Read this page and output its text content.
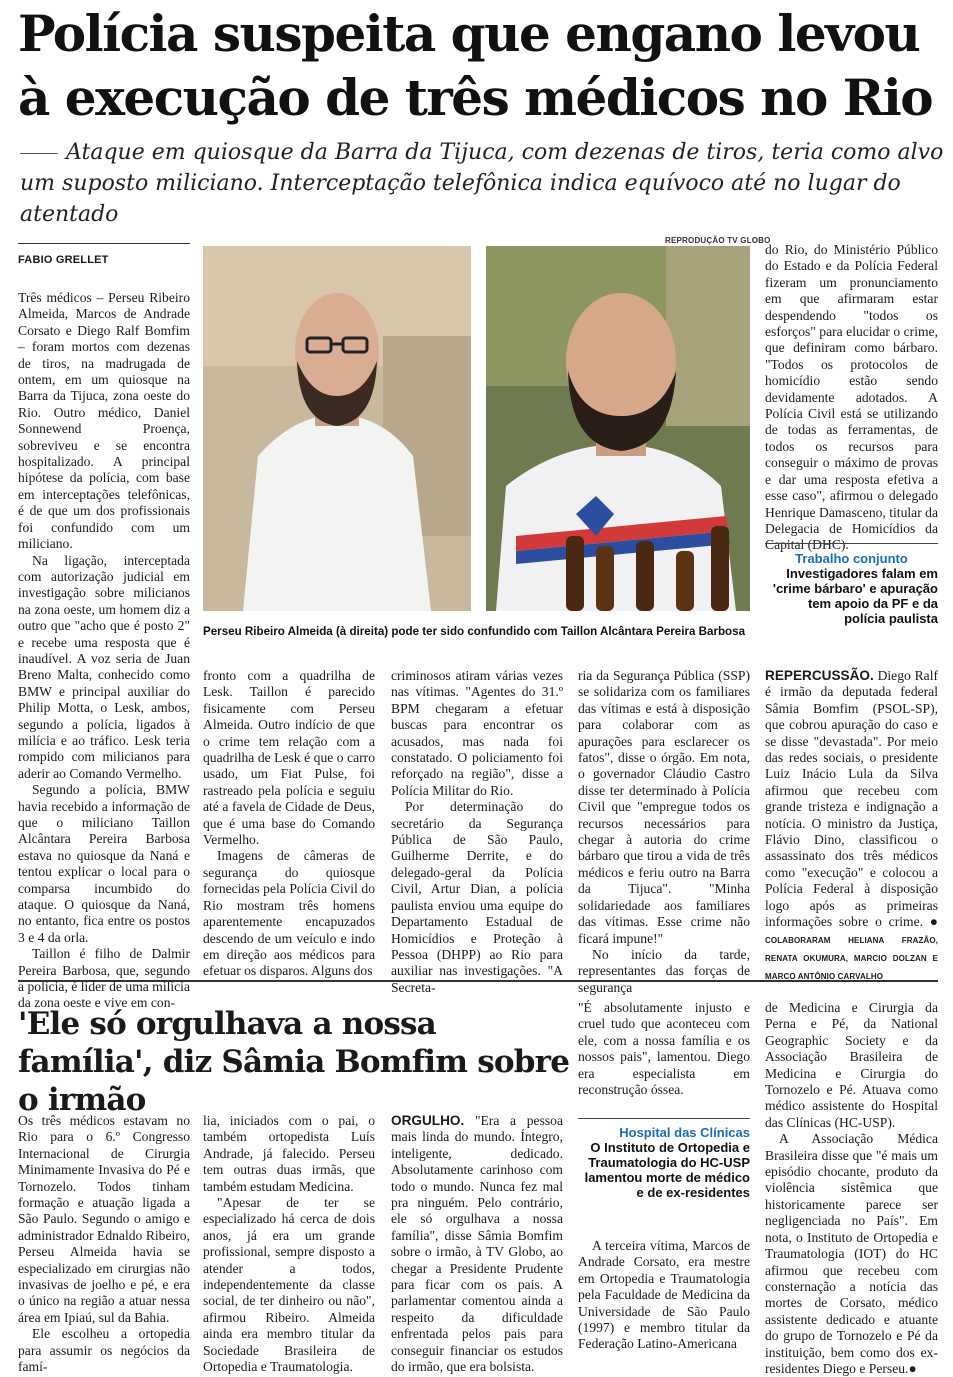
Polícia suspeita que engano levou à execução de três médicos no Rio
Ataque em quiosque da Barra da Tijuca, com dezenas de tiros, teria como alvo um suposto miliciano. Interceptação telefônica indica equívoco até no lugar do atentado
FABIO GRELLET

Três médicos – Perseu Ribeiro Almeida, Marcos de Andrade Corsato e Diego Ralf Bomfim – foram mortos com dezenas de tiros, na madrugada de ontem, em um quiosque na Barra da Tijuca, zona oeste do Rio. Outro médico, Daniel Sonnewend Proença, sobreviveu e se encontra hospitalizado. A principal hipótese da polícia, com base em interceptações telefônicas, é de que um dos profissionais foi confundido com um miliciano.

Na ligação, interceptada com autorização judicial em investigação sobre milicianos na zona oeste, um homem diz a outro que "acho que é posto 2" e recebe uma resposta que é inaudível. A voz seria de Juan Breno Malta, conhecido como BMW e principal auxiliar do Philip Motta, o Lesk, ambos, segundo a polícia, ligados à milícia e ao tráfico. Lesk teria rompido com milicianos para aderir ao Comando Vermelho.

Segundo a polícia, BMW havia recebido a informação de que o miliciano Taillon Alcântara Pereira Barbosa estava no quiosque da Naná e tentou explicar o local para o comparsa incumbido do ataque. O quiosque da Naná, no entanto, fica entre os postos 3 e 4 da orla.

Taillon é filho de Dalmir Pereira Barbosa, que, segundo a polícia, é líder de uma milícia da zona oeste e vive em con-

REPRODUÇÃO TV GLOBO
Perseu Ribeiro Almeida (à direita) pode ter sido confundido com Taillon Alcântara Pereira Barbosa

do Rio, do Ministério Público do Estado e da Polícia Federal fizeram um pronunciamento em que afirmaram estar despendendo "todos os esforços" para elucidar o crime, que definiram como bárbaro. "Todos os protocolos de homicídio estão sendo devidamente adotados. A Polícia Civil está se utilizando de todas as ferramentas, de todos os recursos para conseguir o máximo de provas e dar uma resposta efetiva a esse caso", afirmou o delegado Henrique Damasceno, titular da Delegacia de Homicídios da Capital (DHC).

Trabalho conjunto
Investigadores falam em 'crime bárbaro' e apuração tem apoio da PF e da polícia paulista

fronto com a quadrilha de Lesk. Taillon é parecido fisicamente com Perseu Almeida. Outro indício de que o crime tem relação com a quadrilha de Lesk é que o carro usado, um Fiat Pulse, foi rastreado pela polícia e seguiu até a favela de Cidade de Deus, que é uma base do Comando Vermelho.

Imagens de câmeras de segurança do quiosque fornecidas pela Polícia Civil do Rio mostram três homens aparentemente encapuzados descendo de um veículo e indo em direção aos médicos para efetuar os disparos. Alguns dos

criminosos atiram várias vezes nas vítimas. "Agentes do 31.º BPM chegaram a efetuar buscas para encontrar os acusados, mas nada foi constatado. O policiamento foi reforçado na região", disse a Polícia Militar do Rio.

Por determinação do secretário da Segurança Pública de São Paulo, Guilherme Derrite, e do delegado-geral da Polícia Civil, Artur Dian, a polícia paulista enviou uma equipe do Departamento Estadual de Homicídios e Proteção à Pessoa (DHPP) ao Rio para auxiliar nas investigações. "A Secreta-

ria da Segurança Pública (SSP) se solidariza com os familiares das vítimas e está à disposição para colaborar com as apurações para esclarecer os fatos", disse o órgão. Em nota, o governador Cláudio Castro disse ter determinado à Polícia Civil que "empregue todos os recursos necessários para chegar à autoria do crime bárbaro que tirou a vida de três médicos e feriu outro na Barra da Tijuca". "Minha solidariedade aos familiares das vítimas. Esse crime não ficará impune!"

No início da tarde, representantes das forças de segurança

REPERCUSSÃO. Diego Ralf é irmão da deputada federal Sâmia Bomfim (PSOL-SP), que cobrou apuração do caso e se disse "devastada". Por meio das redes sociais, o presidente Luiz Inácio Lula da Silva afirmou que recebeu com grande tristeza e indignação a notícia. O ministro da Justiça, Flávio Dino, classificou o assassinato dos três médicos como "execução" e colocou a Polícia Federal à disposição logo após as primeiras informações sobre o crime. ● COLABORARAM HELIANA FRAZÃO, RENATA OKUMURA, MARCIO DOLZAN E MARCO ANTÔNIO CARVALHO

'Ele só orgulhava a nossa família', diz Sâmia Bomfim sobre o irmão

Os três médicos estavam no Rio para o 6.º Congresso Internacional de Cirurgia Minimamente Invasiva do Pé e Tornozelo. Todos tinham formação e atuação ligada a São Paulo. Segundo o amigo e administrador Ednaldo Ribeiro, Perseu Almeida havia se especializado em cirurgias não invasivas de joelho e pé, e era o único na região a atuar nessa área em Ipiaú, sul da Bahia.

Ele escolheu a ortopedia para assumir os negócios da famí-

lia, iniciados com o pai, o também ortopedista Luís Andrade, já falecido. Perseu tem outras duas irmãs, que também estudam Medicina.

"Apesar de ter se especializado há cerca de dois anos, já era um grande profissional, sempre disposto a atender a todos, independentemente da classe social, de ter dinheiro ou não", afirmou Ribeiro. Almeida ainda era membro titular da Sociedade Brasileira de Ortopedia e Traumatologia.

ORGULHO. "Era a pessoa mais linda do mundo. Íntegro, inteligente, dedicado. Absolutamente carinhoso com todo o mundo. Nunca fez mal pra ninguém. Pelo contrário, ele só orgulhava a nossa família", disse Sâmia Bomfim sobre o irmão, à TV Globo, ao chegar a Presidente Prudente para ficar com os pais. A parlamentar comentou ainda a respeito da dificuldade enfrentada pelos pais para conseguir financiar os estudos do irmão, que era bolsista.

"É absolutamente injusto e cruel tudo que aconteceu com ele, com a nossa família e os nossos pais", lamentou. Diego era especialista em reconstrução óssea.

Hospital das Clínicas
O Instituto de Ortopedia e Traumatologia do HC-USP lamentou morte de médico e de ex-residentes

A terceira vítima, Marcos de Andrade Corsato, era mestre em Ortopedia e Traumatologia pela Faculdade de Medicina da Universidade de São Paulo (1997) e membro titular da Federação Latino-Americana

de Medicina e Cirurgia da Perna e Pé, da National Geographic Society e da Associação Brasileira de Medicina e Cirurgia do Tornozelo e Pé. Atuava como médico assistente do Hospital das Clínicas (HC-USP).

A Associação Médica Brasileira disse que "é mais um episódio chocante, produto da violência sistêmica que historicamente parece ser negligenciada no País". Em nota, o Instituto de Ortopedia e Traumatologia (IOT) do HC afirmou que recebeu com consternação a notícia das mortes de Corsato, médico assistente dedicado e atuante do grupo de Tornozelo e Pé da instituição, bem como dos ex-residentes Diego e Perseu.●
